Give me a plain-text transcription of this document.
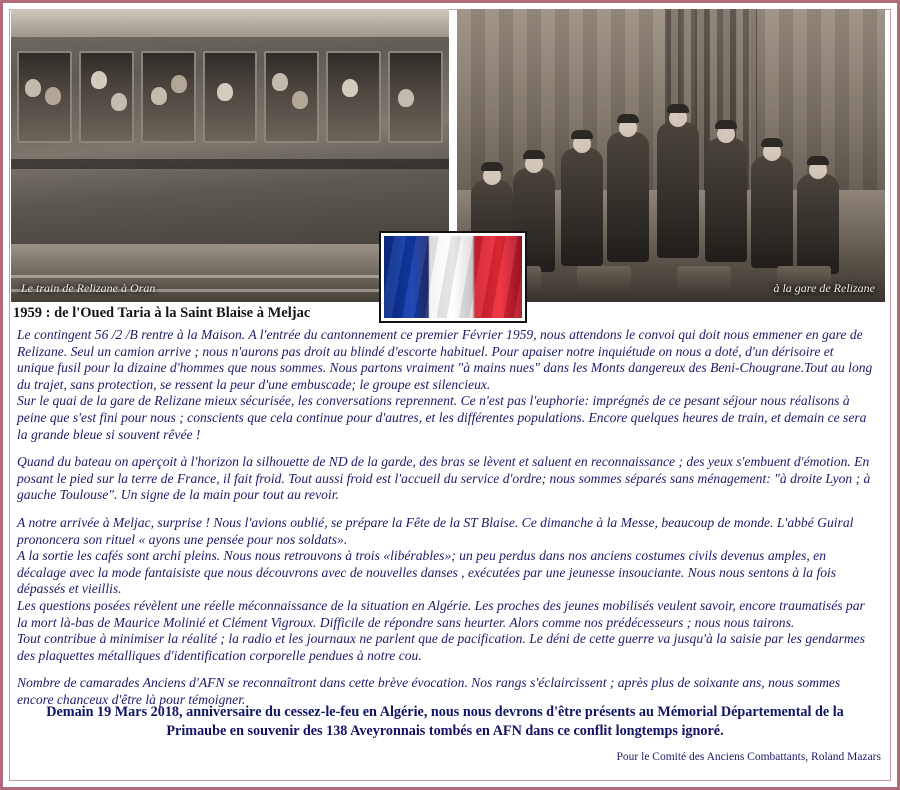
Le train de Relizane à Oran	à la gare de Relizane
1959 : de l'Oued Taria à la Saint Blaise à Meljac

Le contingent 56 /2 /B rentre à la Maison. A l'entrée du cantonnement ce premier Février 1959, nous attendons le convoi qui doit nous emmener en gare de Relizane. Seul un camion arrive ; nous n'aurons pas droit au blindé d'escorte habituel. Pour apaiser notre inquiétude on nous a doté, d'un dérisoire et unique fusil pour la dizaine d'hommes que nous sommes. Nous partons vraiment "à mains nues" dans les Monts dangereux des Beni-Chougrane.Tout au long du trajet, sans protection, se ressent la peur d'une embuscade; le groupe est silencieux.

Sur le quai de la gare de Relizane mieux sécurisée, les conversations reprennent. Ce n'est pas l'euphorie: imprégnés de ce pesant séjour nous réalisons à peine que s'est fini pour nous ; conscients que cela continue pour d'autres, et les différentes populations. Encore quelques heures de train, et demain ce sera la grande bleue si souvent rêvée !

Quand du bateau on aperçoit à l'horizon la silhouette de ND de la garde, des bras se lèvent et saluent en reconnaissance ; des yeux s'embuent d'émotion. En posant le pied sur la terre de France, il fait froid. Tout aussi froid est l'accueil du service d'ordre; nous sommes séparés sans ménagement: "à droite Lyon ; à gauche Toulouse". Un signe de la main pour tout au revoir.

A notre arrivée à Meljac, surprise ! Nous l'avions oublié, se prépare la Fête de la ST Blaise. Ce dimanche à la Messe, beaucoup de monde. L'abbé Guiral prononcera son rituel « ayons une pensée pour nos soldats».

A la sortie les cafés sont archi pleins. Nous nous retrouvons à trois «libérables»; un peu perdus dans nos anciens costumes civils devenus amples, en décalage avec la mode fantaisiste que nous découvrons avec de nouvelles danses , exécutées par une jeunesse insouciante. Nous nous sentons à la fois dépassés et vieillis.

Les questions posées révèlent une réelle méconnaissance de la situation en Algérie. Les proches des jeunes mobilisés veulent savoir, encore traumatisés par la mort là-bas de Maurice Molinié et Clément Vigroux. Difficile de répondre sans heurter. Alors comme nos prédécesseurs ; nous nous tairons.

Tout contribue à minimiser la réalité ; la radio et les journaux ne parlent que de pacification. Le déni de cette guerre va jusqu'à la saisie par les gendarmes des plaquettes métalliques d'identification corporelle pendues à notre cou.

Nombre de camarades Anciens d'AFN se reconnaîtront dans cette brève évocation. Nos rangs s'éclaircissent ; après plus de soixante ans, nous sommes encore chanceux d'être là pour témoigner.

Demain 19 Mars 2018, anniversaire du cessez-le-feu en Algérie, nous nous devrons d'être présents au Mémorial Départemental de la Primaube en souvenir des 138 Aveyronnais tombés en AFN dans ce conflit longtemps ignoré.
Pour le Comité des Anciens Combattants, Roland Mazars
